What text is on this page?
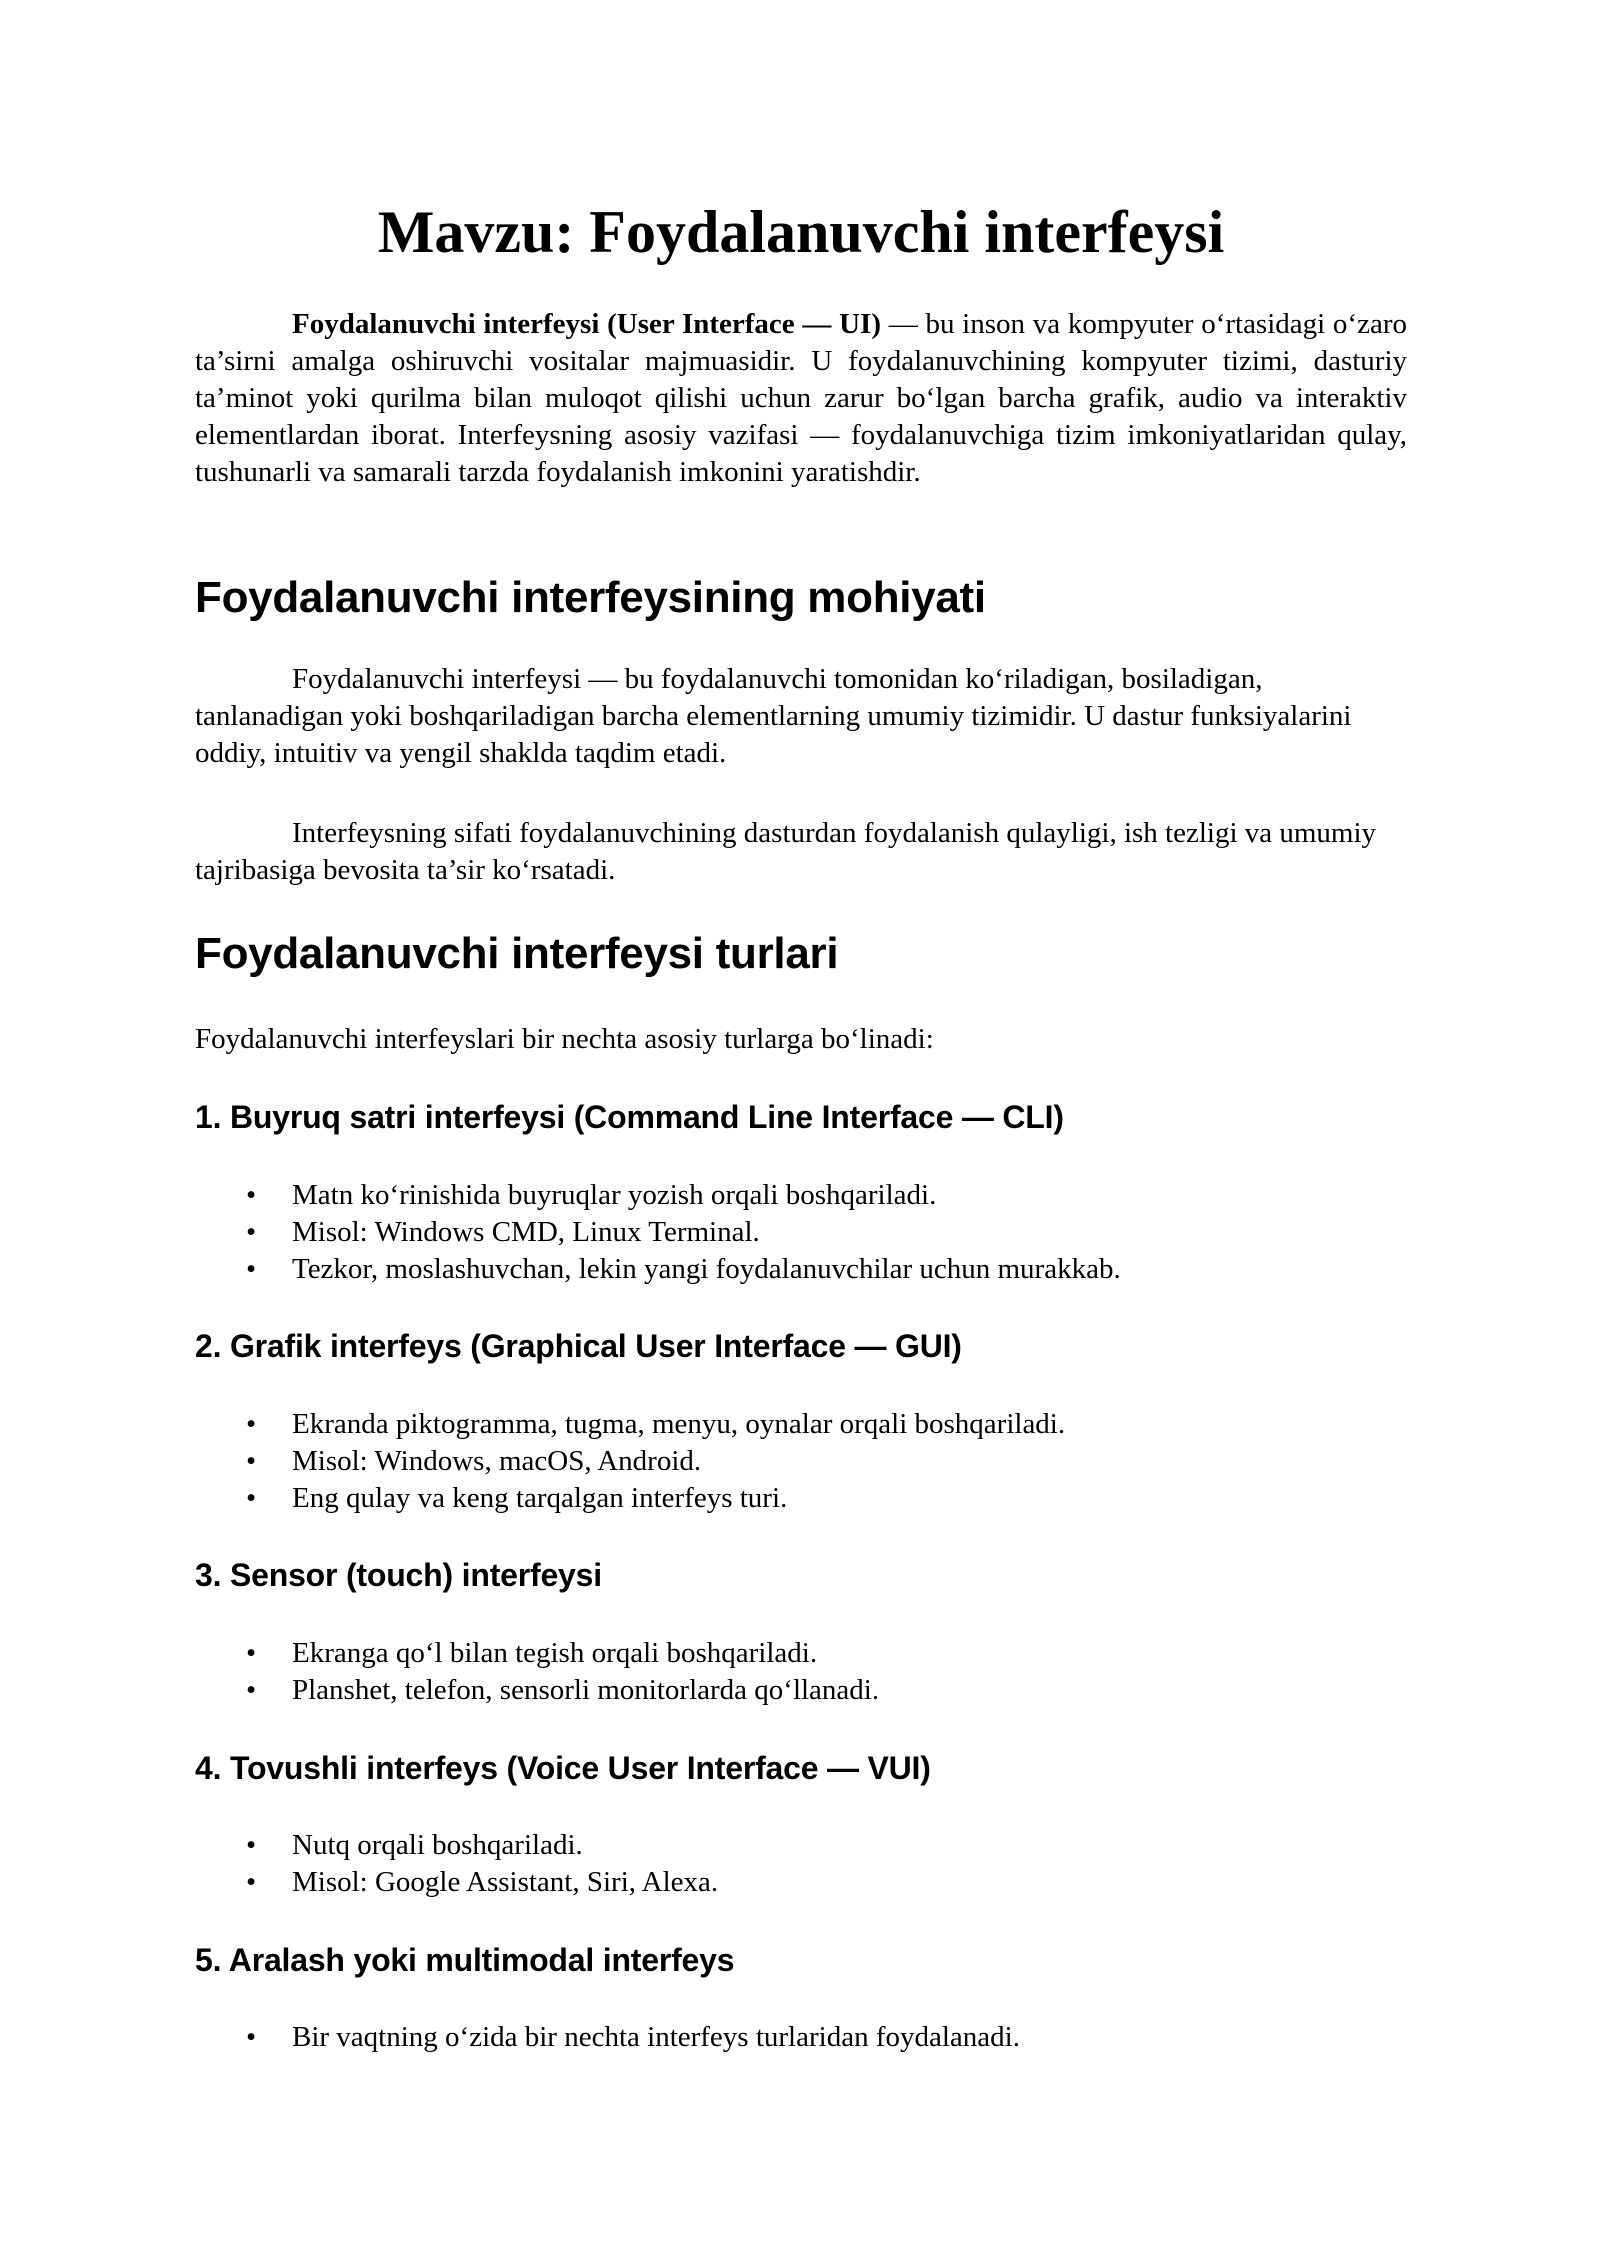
Mavzu: Foydalanuvchi interfeysi

Foydalanuvchi interfeysi (User Interface — UI) — bu inson va kompyuter o‘rtasidagi o‘zaro ta’sirni amalga oshiruvchi vositalar majmuasidir. U foydalanuvchining kompyuter tizimi, dasturiy ta’minot yoki qurilma bilan muloqot qilishi uchun zarur bo‘lgan barcha grafik, audio va interaktiv elementlardan iborat. Interfeysning asosiy vazifasi — foydalanuvchiga tizim imkoniyatlaridan qulay, tushunarli va samarali tarzda foydalanish imkonini yaratishdir.

Foydalanuvchi interfeysining mohiyati

Foydalanuvchi interfeysi — bu foydalanuvchi tomonidan ko‘riladigan, bosiladigan, tanlanadigan yoki boshqariladigan barcha elementlarning umumiy tizimidir. U dastur funksiyalarini oddiy, intuitiv va yengil shaklda taqdim etadi.

Interfeysning sifati foydalanuvchining dasturdan foydalanish qulayligi, ish tezligi va umumiy tajribasiga bevosita ta’sir ko‘rsatadi.

Foydalanuvchi interfeysi turlari

Foydalanuvchi interfeyslari bir nechta asosiy turlarga bo‘linadi:

1. Buyruq satri interfeysi (Command Line Interface — CLI)
• Matn ko‘rinishida buyruqlar yozish orqali boshqariladi.
• Misol: Windows CMD, Linux Terminal.
• Tezkor, moslashuvchan, lekin yangi foydalanuvchilar uchun murakkab.
2. Grafik interfeys (Graphical User Interface — GUI)
• Ekranda piktogramma, tugma, menyu, oynalar orqali boshqariladi.
• Misol: Windows, macOS, Android.
• Eng qulay va keng tarqalgan interfeys turi.
3. Sensor (touch) interfeysi
• Ekranga qo‘l bilan tegish orqali boshqariladi.
• Planshet, telefon, sensorli monitorlarda qo‘llanadi.
4. Tovushli interfeys (Voice User Interface — VUI)
• Nutq orqali boshqariladi.
• Misol: Google Assistant, Siri, Alexa.
5. Aralash yoki multimodal interfeys
• Bir vaqtning o‘zida bir nechta interfeys turlaridan foydalanadi.
